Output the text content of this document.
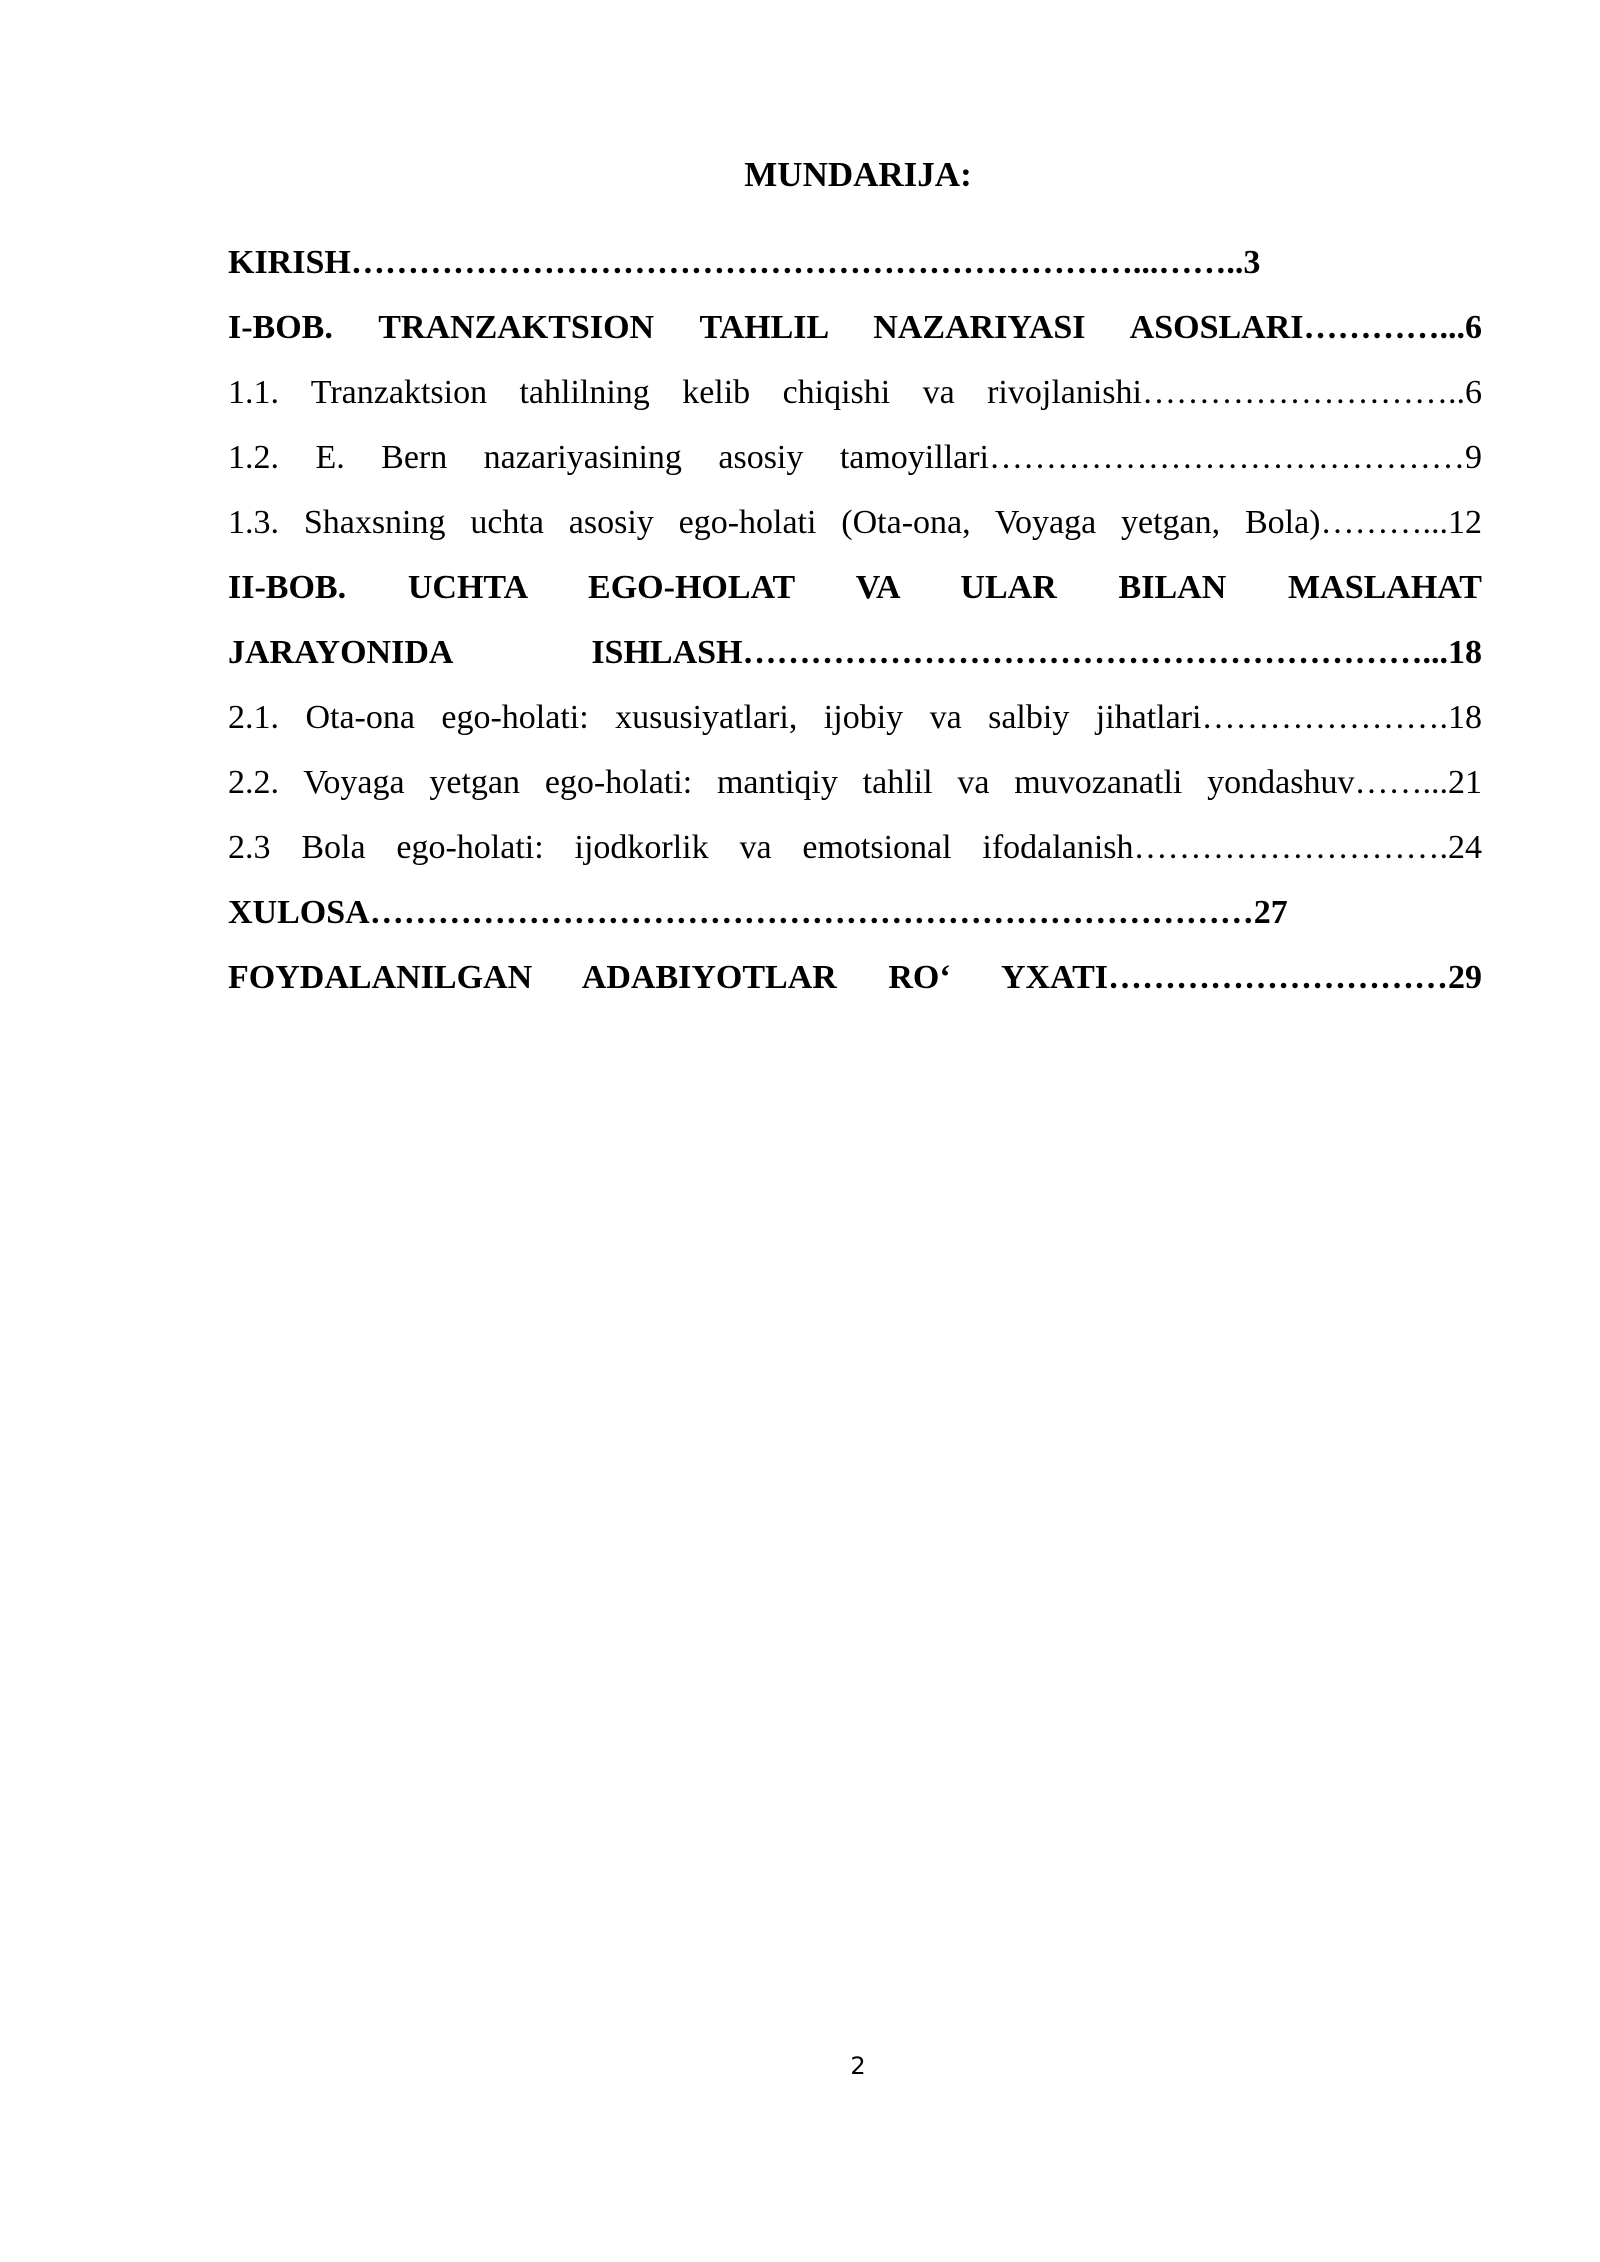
MUNDARIJA:
KIRISH……………………………………………………………...……..3
I-BOB. TRANZAKTSION TAHLIL NAZARIYASI ASOSLARI…………...6
1.1. Tranzaktsion tahlilning kelib chiqishi va rivojlanishi………………………..6
1.2. E. Bern nazariyasining asosiy tamoyillari……………………………………9
1.3. Shaxsning uchta asosiy ego-holati (Ota-ona, Voyaga yetgan, Bola)………...12
II-BOB. UCHTA EGO-HOLAT VA ULAR BILAN MASLAHAT
JARAYONIDA ISHLASH……………………………………………………...18
2.1. Ota-ona ego-holati: xususiyatlari, ijobiy va salbiy jihatlari………………….18
2.2. Voyaga yetgan ego-holati: mantiqiy tahlil va muvozanatli yondashuv……...21
2.3 Bola ego-holati: ijodkorlik va emotsional ifodalanish……………………….24
XULOSA……………………………………………………………………27
FOYDALANILGAN ADABIYOTLAR RO‘ YXATI…………………………29
2
